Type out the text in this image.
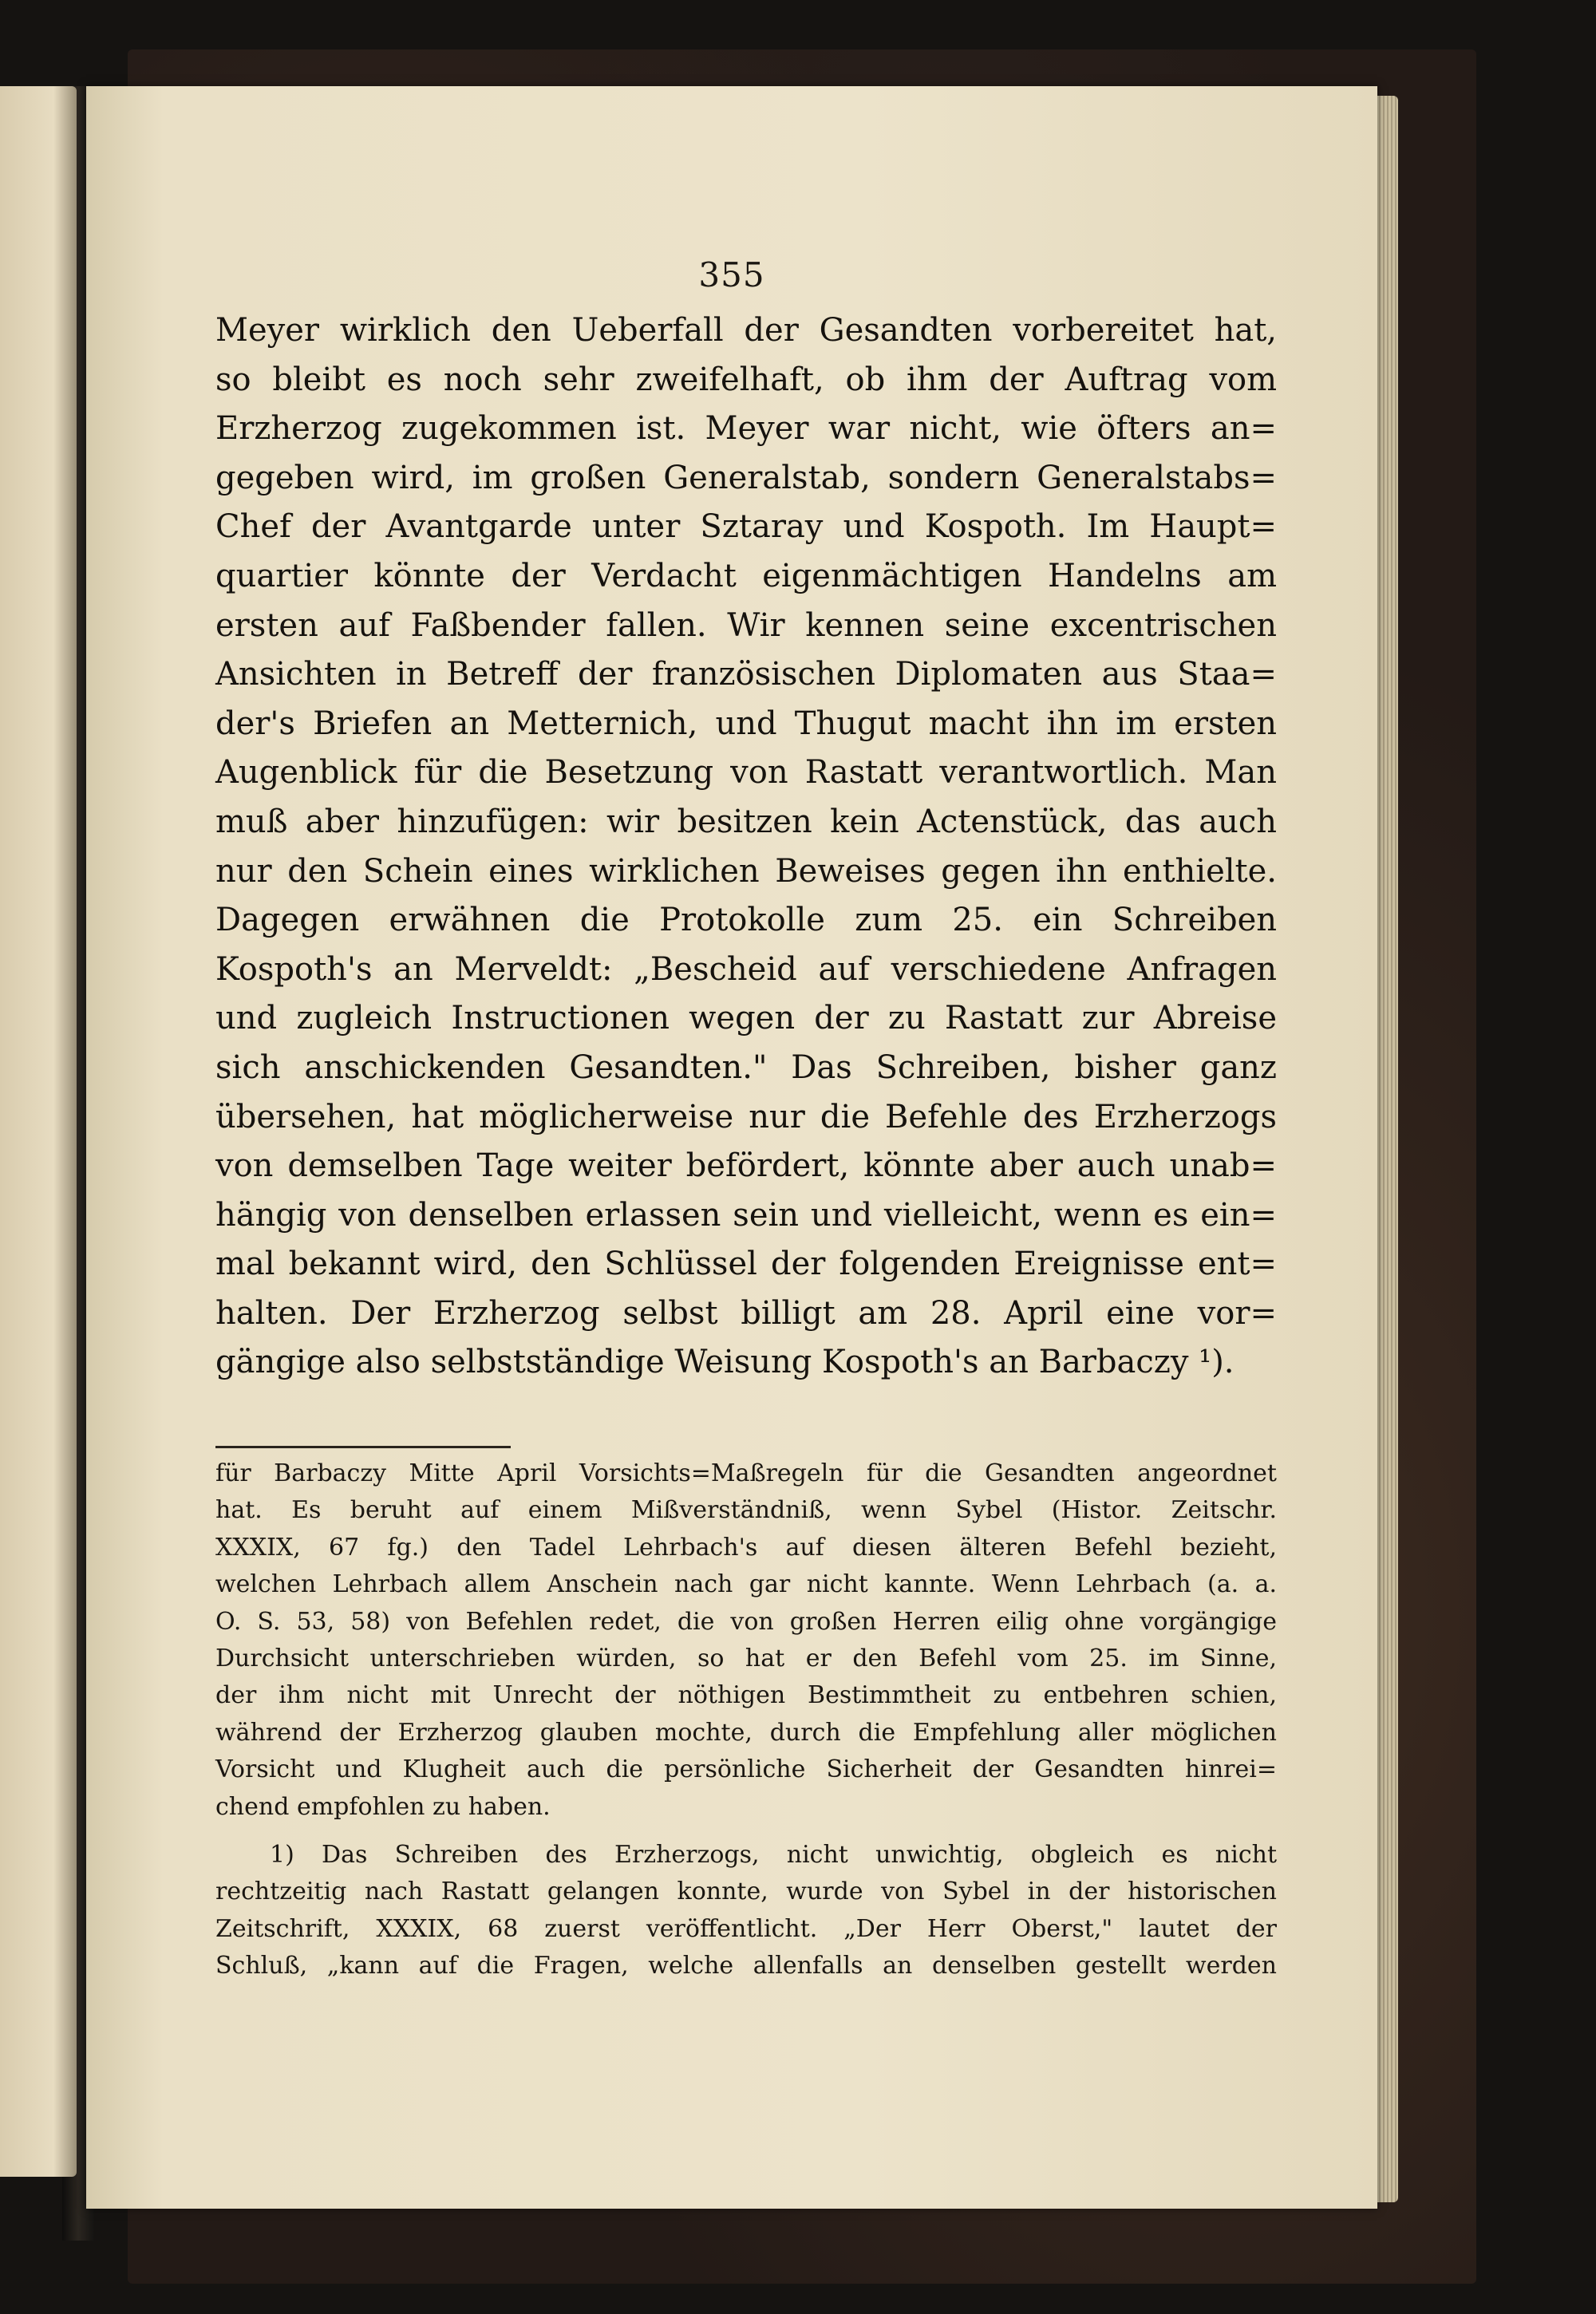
355
Meyer wirklich den Ueberfall der Gesandten vorbereitet hat,
so bleibt es noch sehr zweifelhaft, ob ihm der Auftrag vom
Erzherzog zugekommen ist. Meyer war nicht, wie öfters an=
gegeben wird, im großen Generalstab, sondern Generalstabs=
Chef der Avantgarde unter Sztaray und Kospoth. Im Haupt=
quartier könnte der Verdacht eigenmächtigen Handelns am
ersten auf Faßbender fallen. Wir kennen seine excentrischen
Ansichten in Betreff der französischen Diplomaten aus Staa=
der's Briefen an Metternich, und Thugut macht ihn im ersten
Augenblick für die Besetzung von Rastatt verantwortlich. Man
muß aber hinzufügen: wir besitzen kein Actenstück, das auch
nur den Schein eines wirklichen Beweises gegen ihn enthielte.
Dagegen erwähnen die Protokolle zum 25. ein Schreiben
Kospoth's an Merveldt: „Bescheid auf verschiedene Anfragen
und zugleich Instructionen wegen der zu Rastatt zur Abreise
sich anschickenden Gesandten." Das Schreiben, bisher ganz
übersehen, hat möglicherweise nur die Befehle des Erzherzogs
von demselben Tage weiter befördert, könnte aber auch unab=
hängig von denselben erlassen sein und vielleicht, wenn es ein=
mal bekannt wird, den Schlüssel der folgenden Ereignisse ent=
halten. Der Erzherzog selbst billigt am 28. April eine vor=
gängige also selbstständige Weisung Kospoth's an Barbaczy ¹).
für Barbaczy Mitte April Vorsichts=Maßregeln für die Gesandten angeordnet
hat. Es beruht auf einem Mißverständniß, wenn Sybel (Histor. Zeitschr.
XXXIX, 67 fg.) den Tadel Lehrbach's auf diesen älteren Befehl bezieht,
welchen Lehrbach allem Anschein nach gar nicht kannte. Wenn Lehrbach (a. a.
O. S. 53, 58) von Befehlen redet, die von großen Herren eilig ohne vorgängige
Durchsicht unterschrieben würden, so hat er den Befehl vom 25. im Sinne,
der ihm nicht mit Unrecht der nöthigen Bestimmtheit zu entbehren schien,
während der Erzherzog glauben mochte, durch die Empfehlung aller möglichen
Vorsicht und Klugheit auch die persönliche Sicherheit der Gesandten hinrei=
chend empfohlen zu haben.
1) Das Schreiben des Erzherzogs, nicht unwichtig, obgleich es nicht
rechtzeitig nach Rastatt gelangen konnte, wurde von Sybel in der historischen
Zeitschrift, XXXIX, 68 zuerst veröffentlicht. „Der Herr Oberst," lautet der
Schluß, „kann auf die Fragen, welche allenfalls an denselben gestellt werden
